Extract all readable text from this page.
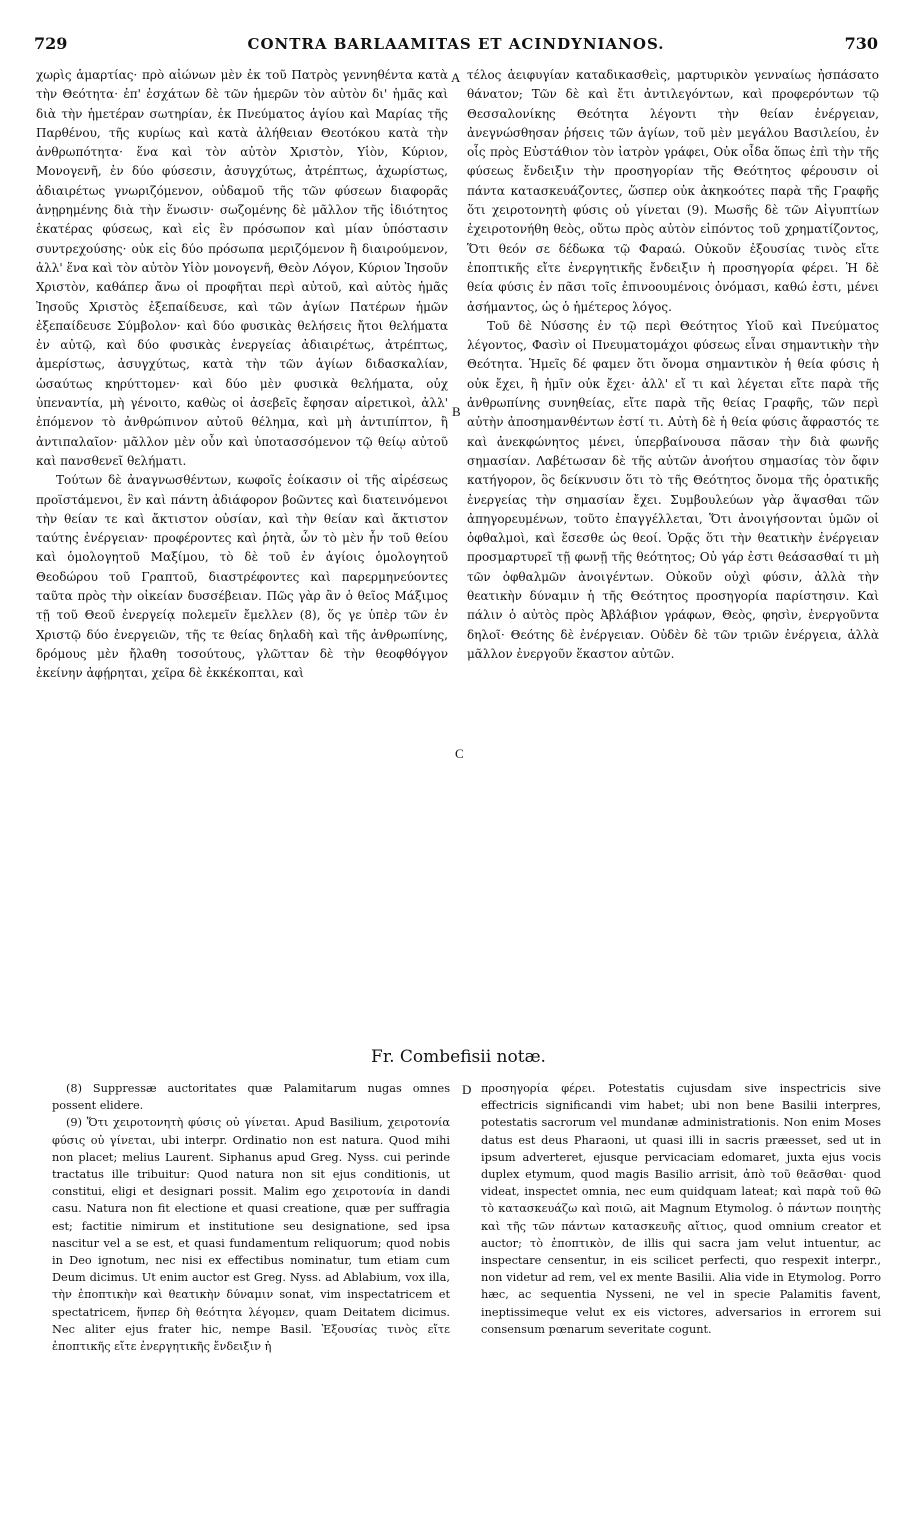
729	CONTRA BARLAAMITAS ET ACINDYNIANOS.	730

χωρὶς ἁμαρτίας· πρὸ αἰώνων μὲν ἐκ τοῦ Πατρὸς γεννηθέντα κατὰ τὴν Θεότητα· ἐπ' ἐσχάτων δὲ τῶν ἡμερῶν τὸν αὐτὸν δι' ἡμᾶς καὶ διὰ τὴν ἡμετέραν σωτηρίαν, ἐκ Πνεύματος ἁγίου καὶ Μαρίας τῆς Παρθένου, τῆς κυρίως καὶ κατὰ ἀλήθειαν Θεοτόκου κατὰ τὴν ἀνθρωπότητα· ἕνα καὶ τὸν αὐτὸν Χριστὸν, Υἱὸν, Κύριον, Μονογενῆ, ἐν δύο φύσεσιν, ἀσυγχύτως, ἀτρέπτως, ἀχωρίστως, ἀδιαιρέτως γνωριζόμενον, οὐδαμοῦ τῆς τῶν φύσεων διαφορᾶς ἀνῃρημένης διὰ τὴν ἕνωσιν· σωζομένης δὲ μᾶλλον τῆς ἰδιότητος ἑκατέρας φύσεως, καὶ εἰς ἓν πρόσωπον καὶ μίαν ὑπόστασιν συντρεχούσης· οὐκ εἰς δύο πρόσωπα μεριζόμενον ἢ διαιρούμενον, ἀλλ' ἕνα καὶ τὸν αὐτὸν Υἱὸν μονογενῆ, Θεὸν Λόγον, Κύριον Ἰησοῦν Χριστὸν, καθάπερ ἄνω οἱ προφῆται περὶ αὐτοῦ, καὶ αὐτὸς ἡμᾶς Ἰησοῦς Χριστὸς ἐξεπαίδευσε, καὶ τῶν ἁγίων Πατέρων ἡμῶν ἐξεπαίδευσε Σύμβολον· καὶ δύο φυσικὰς θελήσεις ἤτοι θελήματα ἐν αὐτῷ, καὶ δύο φυσικὰς ἐνεργείας ἀδιαιρέτως, ἀτρέπτως, ἀμερίστως, ἀσυγχύτως, κατὰ τὴν τῶν ἁγίων διδασκαλίαν, ὡσαύτως κηρύττομεν· καὶ δύο μὲν φυσικὰ θελήματα, οὐχ ὑπεναντία, μὴ γένοιτο, καθὼς οἱ ἀσεβεῖς ἔφησαν αἱρετικοὶ, ἀλλ' ἑπόμενον τὸ ἀνθρώπινον αὐτοῦ θέλημα, καὶ μὴ ἀντιπίπτον, ἢ ἀντιπαλαῖον· μᾶλλον μὲν οὖν καὶ ὑποτασσόμενον τῷ θείῳ αὐτοῦ καὶ πανσθενεῖ θελήματι.

Τούτων δὲ ἀναγνωσθέντων, κωφοῖς ἐοίκασιν οἱ τῆς αἱρέσεως προϊστάμενοι, ἓν καὶ πάντη ἀδιάφορον βοῶντες καὶ διατεινόμενοι τὴν θείαν τε καὶ ἄκτιστον οὐσίαν, καὶ τὴν θείαν καὶ ἄκτιστον ταύτης ἐνέργειαν· προφέροντες καὶ ῥητὰ, ὧν τὸ μὲν ἦν τοῦ θείου καὶ ὁμολογητοῦ Μαξίμου, τὸ δὲ τοῦ ἐν ἁγίοις ὁμολογητοῦ Θεοδώρου τοῦ Γραπτοῦ, διαστρέφοντες καὶ παρερμηνεύοντες ταῦτα πρὸς τὴν οἰκείαν δυσσέβειαν. Πῶς γὰρ ἂν ὁ θεῖος Μάξιμος τῇ τοῦ Θεοῦ ἐνεργείᾳ πολεμεῖν ἔμελλεν (8), ὅς γε ὑπὲρ τῶν ἐν Χριστῷ δύο ἐνεργειῶν, τῆς τε θείας δηλαδὴ καὶ τῆς ἀνθρωπίνης, δρόμους μὲν ἤλαθη τοσούτους, γλῶτταν δὲ τὴν θεοφθόγγον ἐκείνην ἀφῄρηται, χεῖρα δὲ ἐκκέκοπται, καὶ

τέλος ἀειφυγίαν καταδικασθεὶς, μαρτυρικὸν γενναίως ἠσπάσατο θάνατον; Τῶν δὲ καὶ ἔτι ἀντιλεγόντων, καὶ προφερόντων τῷ Θεσσαλονίκης Θεότητα λέγοντι τὴν θείαν ἐνέργειαν, ἀνεγνώσθησαν ῥήσεις τῶν ἁγίων, τοῦ μὲν μεγάλου Βασιλείου, ἐν οἷς πρὸς Εὐστάθιον τὸν ἰατρὸν γράφει, Οὐκ οἶδα ὅπως ἐπὶ τὴν τῆς φύσεως ἔνδειξιν τὴν προσηγορίαν τῆς Θεότητος φέρουσιν οἱ πάντα κατασκευάζοντες, ὥσπερ οὐκ ἀκηκοότες παρὰ τῆς Γραφῆς ὅτι χειροτονητὴ φύσις οὐ γίνεται (9). Μωσῆς δὲ τῶν Αἰγυπτίων ἐχειροτονήθη θεὸς, οὕτω πρὸς αὐτὸν εἰπόντος τοῦ χρηματίζοντος, Ὅτι θεόν σε δέδωκα τῷ Φαραώ. Οὐκοῦν ἐξουσίας τινὸς εἴτε ἐποπτικῆς εἴτε ἐνεργητικῆς ἔνδειξιν ἡ προσηγορία φέρει. Ἡ δὲ θεία φύσις ἐν πᾶσι τοῖς ἐπινοουμένοις ὀνόμασι, καθώ ἐστι, μένει ἀσήμαντος, ὡς ὁ ἡμέτερος λόγος.

Τοῦ δὲ Νύσσης ἐν τῷ περὶ Θεότητος Υἱοῦ καὶ Πνεύματος λέγοντος, Φασὶν οἱ Πνευματομάχοι φύσεως εἶναι σημαντικὴν τὴν Θεότητα. Ἡμεῖς δέ φαμεν ὅτι ὄνομα σημαντικὸν ἡ θεία φύσις ἡ οὐκ ἔχει, ἢ ἡμῖν οὐκ ἔχει· ἀλλ' εἴ τι καὶ λέγεται εἴτε παρὰ τῆς ἀνθρωπίνης συνηθείας, εἴτε παρὰ τῆς θείας Γραφῆς, τῶν περὶ αὐτὴν ἀποσημανθέντων ἐστί τι. Αὐτὴ δὲ ἡ θεία φύσις ἄφραστός τε καὶ ἀνεκφώνητος μένει, ὑπερβαίνουσα πᾶσαν τὴν διὰ φωνῆς σημασίαν. Λαβέτωσαν δὲ τῆς αὐτῶν ἀνοήτου σημασίας τὸν ὄφιν κατήγορον, ὃς δείκνυσιν ὅτι τὸ τῆς Θεότητος ὄνομα τῆς ὁρατικῆς ἐνεργείας τὴν σημασίαν ἔχει. Συμβουλεύων γὰρ ἅψασθαι τῶν ἀπηγορευμένων, τοῦτο ἐπαγγέλλεται, Ὅτι ἀνοιγήσονται ὑμῶν οἱ ὀφθαλμοὶ, καὶ ἔσεσθε ὡς θεοί. Ὁρᾷς ὅτι τὴν θεατικὴν ἐνέργειαν προσμαρτυρεῖ τῇ φωνῇ τῆς θεότητος; Οὐ γάρ ἐστι θεάσασθαί τι μὴ τῶν ὀφθαλμῶν ἀνοιγέντων. Οὐκοῦν οὐχὶ φύσιν, ἀλλὰ τὴν θεατικὴν δύναμιν ἡ τῆς Θεότητος προσηγορία παρίστησιν. Καὶ πάλιν ὁ αὐτὸς πρὸς Ἀβλάβιον γράφων, Θεὸς, φησὶν, ἐνεργοῦντα δηλοῖ· Θεότης δὲ ἐνέργειαν. Οὐδὲν δὲ τῶν τριῶν ἐνέργεια, ἀλλὰ μᾶλλον ἐνεργοῦν ἕκαστον αὐτῶν.

A
B
C
D
Fr. Combefisii notæ.

(8) Suppressæ auctoritates quæ Palamitarum nugas omnes possent elidere.

(9) Ὅτι χειροτονητὴ φύσις οὐ γίνεται. Apud Basilium, χειροτονία φύσις οὐ γίνεται, ubi interpr. Ordinatio non est natura. Quod mihi non placet; melius Laurent. Siphanus apud Greg. Nyss. cui perinde tractatus ille tribuitur: Quod natura non sit ejus conditionis, ut constitui, eligi et designari possit. Malim ego χειροτονία in dandi casu. Natura non fit electione et quasi creatione, quæ per suffragia est; factitie nimirum et institutione seu designatione, sed ipsa nascitur vel a se est, et quasi fundamentum reliquorum; quod nobis in Deo ignotum, nec nisi ex effectibus nominatur, tum etiam cum Deum dicimus. Ut enim auctor est Greg. Nyss. ad Ablabium, vox illa, τὴν ἐποπτικὴν καὶ θεατικὴν δύναμιν sonat, vim inspectatricem et spectatricem, ἥνπερ δὴ θεότητα λέγομεν, quam Deitatem dicimus. Nec aliter ejus frater hic, nempe Basil. Ἐξουσίας τινὸς εἴτε ἐποπτικῆς εἴτε ἐνεργητικῆς ἔνδειξιν ἡ

προσηγορία φέρει. Potestatis cujusdam sive inspectricis sive effectricis significandi vim habet; ubi non bene Basilii interpres, potestatis sacrorum vel mundanæ administrationis. Non enim Moses datus est deus Pharaoni, ut quasi illi in sacris præesset, sed ut in ipsum adverteret, ejusque pervicaciam edomaret, juxta ejus vocis duplex etymum, quod magis Basilio arrisit, ἀπὸ τοῦ θεᾶσθαι· quod videat, inspectet omnia, nec eum quidquam lateat; καὶ παρὰ τοῦ θῶ τὸ κατασκευάζω καὶ ποιῶ, ait Magnum Etymolog. ὁ πάντων ποιητὴς καὶ τῆς τῶν πάντων κατασκευῆς αἴτιος, quod omnium creator et auctor; τὸ ἐποπτικὸν, de illis qui sacra jam velut intuentur, ac inspectare censentur, in eis scilicet perfecti, quo respexit interpr., non videtur ad rem, vel ex mente Basilii. Alia vide in Etymolog. Porro hæc, ac sequentia Nysseni, ne vel in specie Palamitis favent, ineptissimeque velut ex eis victores, adversarios in errorem sui consensum pœnarum severitate cogunt.
